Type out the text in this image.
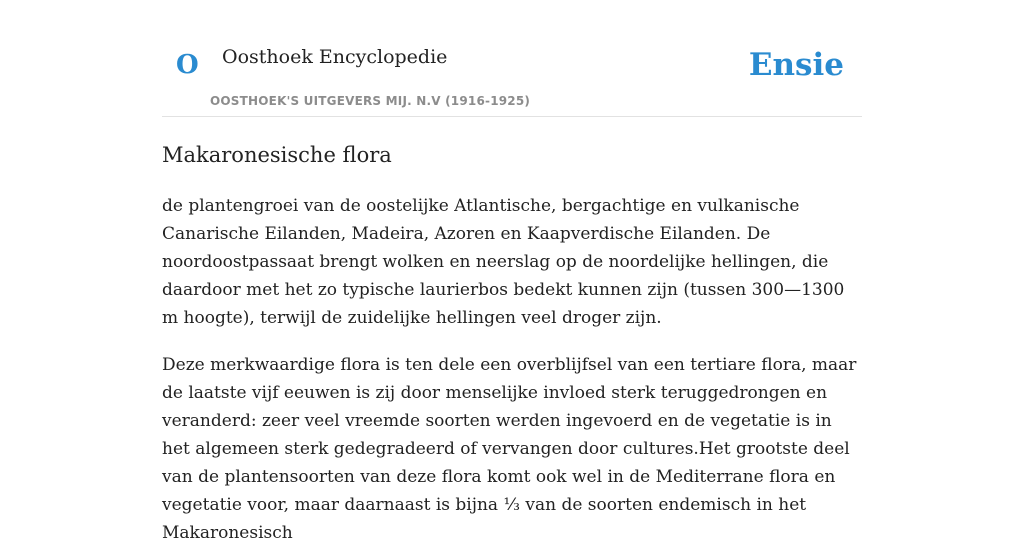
O Oosthoek Encyclopedie
OOSTHOEK'S UITGEVERS MIJ. N.V (1916-1925)
Ensie
Makaronesische flora

de plantengroei van de oostelijke Atlantische, bergachtige en vulkanische Canarische Eilanden, Madeira, Azoren en Kaapverdische Eilanden. De noordoostpassaat brengt wolken en neerslag op de noordelijke hellingen, die daardoor met het zo typische laurierbos bedekt kunnen zijn (tussen 300—1300 m hoogte), terwijl de zuidelijke hellingen veel droger zijn.

Deze merkwaardige flora is ten dele een overblijfsel van een tertiare flora, maar de laatste vijf eeuwen is zij door menselijke invloed sterk teruggedrongen en veranderd: zeer veel vreemde soorten werden ingevoerd en de vegetatie is in het algemeen sterk gedegradeerd of vervangen door cultures.Het grootste deel van de plantensoorten van deze flora komt ook wel in de Mediterrane flora en vegetatie voor, maar daarnaast is bijna ⅓ van de soorten endemisch in het Makaronesisch
